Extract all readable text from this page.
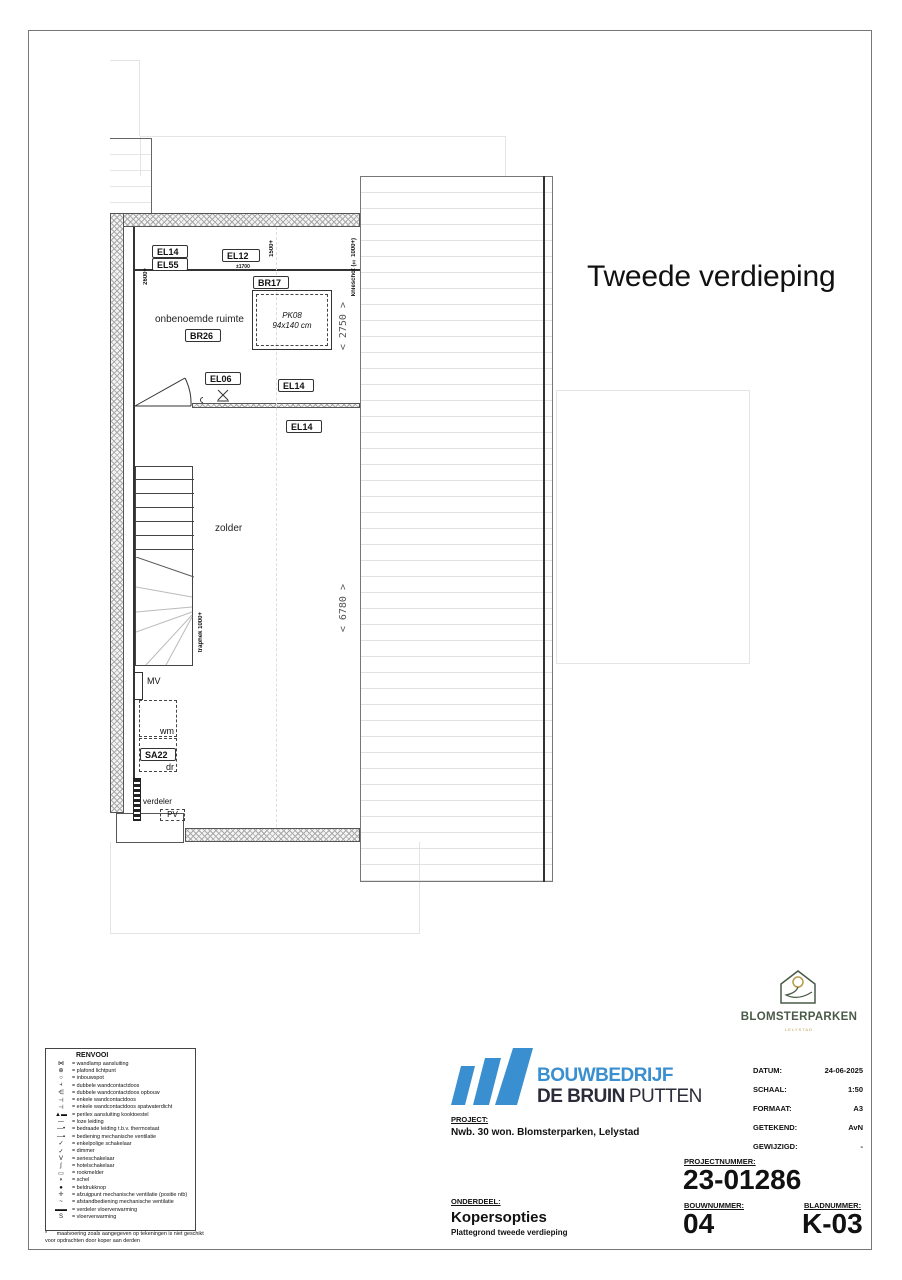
PK08
94x140 cm
EL14
EL55
EL12
BR17
BR26
EL06
EL14
EL14
SA22
onbenoemde ruimte
zolder
< 2750 >
< 6780 >
2600+
1500+
±1700	knieschot (± 1000+)
traphek 1000+
MV
wm
dr
verdeler
PV
Tweede verdieping
BLOMSTERPARKEN
LELYSTAD
RENVOOI
⋈	= wandlamp aansluiting
⊕	= plafond lichtpunt
○	= inbouwspot
⫞	= dubbele wandcontactdoos
⋲	= dubbele wandcontactdoos opbouw
⊣	= enkele wandcontactdoos
⊣	= enkele wandcontactdoos spatwaterdicht
▲▬ = perilex aansluiting kooktoestel
—	= loze leiding
—•	= bedraade leiding t.b.v. thermostaat
—▪	= bediening mechanische ventilatie
✓	= enkelpolige schakelaar
✓	= dimmer
V	= serieschakelaar
∫	= hotelschakelaar
▭	= rookmelder
◗	= schel
●	= beldrukknop
✛	= afzuigpunt mechanische ventilatie (positie ntb)
~	= afstandbediening mechanische ventilatie
▬▬ = verdeler vloerverwarming
S	= vloerverwarming
* maatvoering zoals aangegeven op tekeningen is niet geschikt voor opdrachten door koper aan derden
BOUWBEDRIJF
DE BRUIN PUTTEN
PROJECT:
Nwb. 30 won. Blomsterparken, Lelystad
DATUM:	24-06-2025
SCHAAL:	1:50
FORMAAT:	A3
GETEKEND:	AvN
GEWIJZIGD:	-
PROJECTNUMMER:
23-01286
ONDERDEEL:
Kopersopties
Plattegrond tweede verdieping
BOUWNUMMER:
04
BLADNUMMER:
K-03
